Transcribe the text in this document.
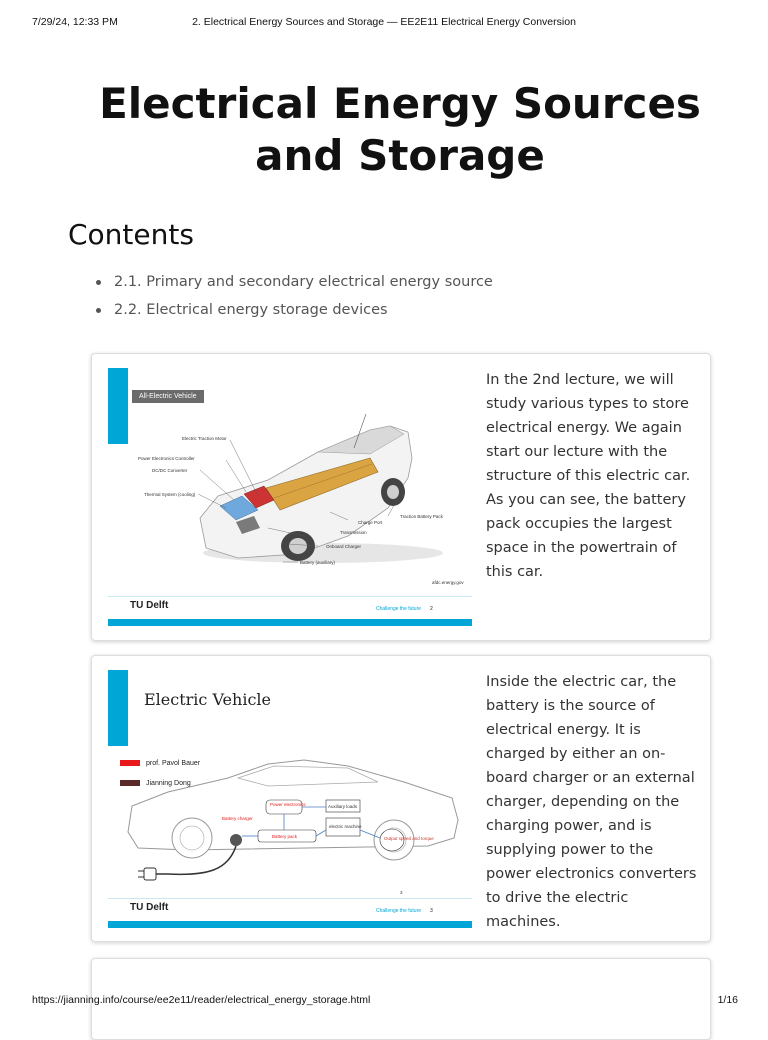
7/29/24, 12:33 PM	2. Electrical Energy Sources and Storage — EE2E11 Electrical Energy Conversion
Electrical Energy Sources and Storage
Contents
2.1. Primary and secondary electrical energy source
2.2. Electrical energy storage devices
All-Electric Vehicle
Electric Traction Motor
Power Electronics Controller
DC/DC Converter
Thermal System (cooling)
Traction Battery Pack
Charge Port
Transmission
Onboard Charger
Battery (auxiliary)
afdc.energy.gov
TU Delft	Challenge the future 2
In the 2nd lecture, we will study various types to store electrical energy. We again start our lecture with the structure of this electric car. As you can see, the battery pack occupies the largest space in the powertrain of this car.
Electric Vehicle
prof. Pavol Bauer
Jianning Dong
Power electronics	Auxiliary loads
electric machine
Battery pack
Battery charger
Output speed and torque
3
TU Delft	Challenge the future 3
Inside the electric car, the battery is the source of electrical energy. It is charged by either an on-board charger or an external charger, depending on the charging power, and is supplying power to the power electronics converters to drive the electric machines.
https://jianning.info/course/ee2e11/reader/electrical_energy_storage.html	1/16
